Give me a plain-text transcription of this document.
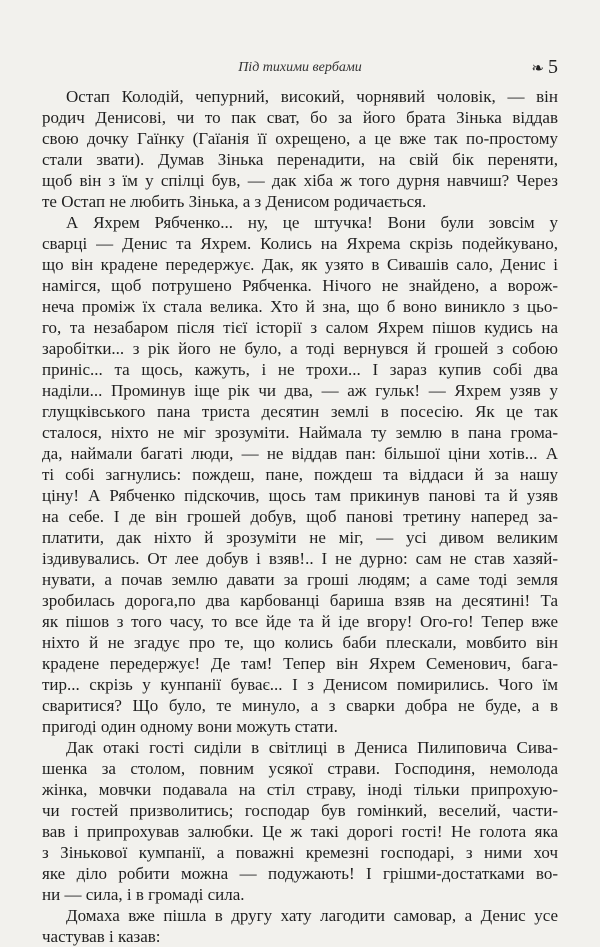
Під тихими вербами	❧ 5
Остап Колодій, чепурний, високий, чорнявий чоловік, — він
родич Денисові, чи то пак сват, бо за його брата Зінька віддав
свою дочку Гаїнку (Гаїанія її охрещено, а це вже так по-простому
стали звати). Думав Зінька перенадити, на свій бік переняти,
щоб він з їм у спілці був, — дак хіба ж того дурня навчиш? Через
те Остап не любить Зінька, а з Денисом родичається.
А Яхрем Рябченко... ну, це штучка! Вони були зовсім у
сварці — Денис та Яхрем. Колись на Яхрема скрізь подейкувано,
що він крадене передержує. Дак, як узято в Сивашів сало, Денис і
намігся, щоб потрушено Рябченка. Нічого не знайдено, а ворож-
неча проміж їх стала велика. Хто й зна, що б воно виникло з цьо-
го, та незабаром після тієї історії з салом Яхрем пішов кудись на
заробітки... з рік його не було, а тоді вернувся й грошей з собою
приніс... та щось, кажуть, і не трохи... І зараз купив собі два
наділи... Проминув іще рік чи два, — аж гульк! — Яхрем узяв у
глущківського пана триста десятин землі в посесію. Як це так
сталося, ніхто не міг зрозуміти. Наймала ту землю в пана грома-
да, наймали багаті люди, — не віддав пан: більшої ціни хотів... А
ті собі загнулись: пождеш, пане, пождеш та віддаси й за нашу
ціну! А Рябченко підскочив, щось там прикинув панові та й узяв
на себе. І де він грошей добув, щоб панові третину наперед за-
платити, дак ніхто й зрозуміти не міг, — усі дивом великим
іздивувались. От лее добув і взяв!.. І не дурно: сам не став хазяй-
нувати, а почав землю давати за гроші людям; а саме тоді земля
зробилась дорога,по два карбованці бариша взяв на десятині! Та
як пішов з того часу, то все йде та й іде вгору! Ого-го! Тепер вже
ніхто й не згадує про те, що колись баби плескали, мовбито він
крадене передержує! Де там! Тепер він Яхрем Семенович, бага-
тир... скрізь у кунпанії буває... І з Денисом помирились. Чого їм
сваритися? Що було, те минуло, а з сварки добра не буде, а в
пригоді один одному вони можуть стати.
Дак отакі гості сиділи в світлиці в Дениса Пилиповича Сива-
шенка за столом, повним усякої страви. Господиня, немолода
жінка, мовчки подавала на стіл страву, іноді тільки припрохую-
чи гостей призволитись; господар був гомінкий, веселий, части-
вав і припрохував залюбки. Це ж такі дорогі гості! Не голота яка
з Зінькової кумпанії, а поважні кремезні господарі, з ними хоч
яке діло робити можна — подужають! І грішми-достатками во-
ни — сила, і в громаді сила.
Домаха вже пішла в другу хату лагодити самовар, а Денис усе
частував і казав:
